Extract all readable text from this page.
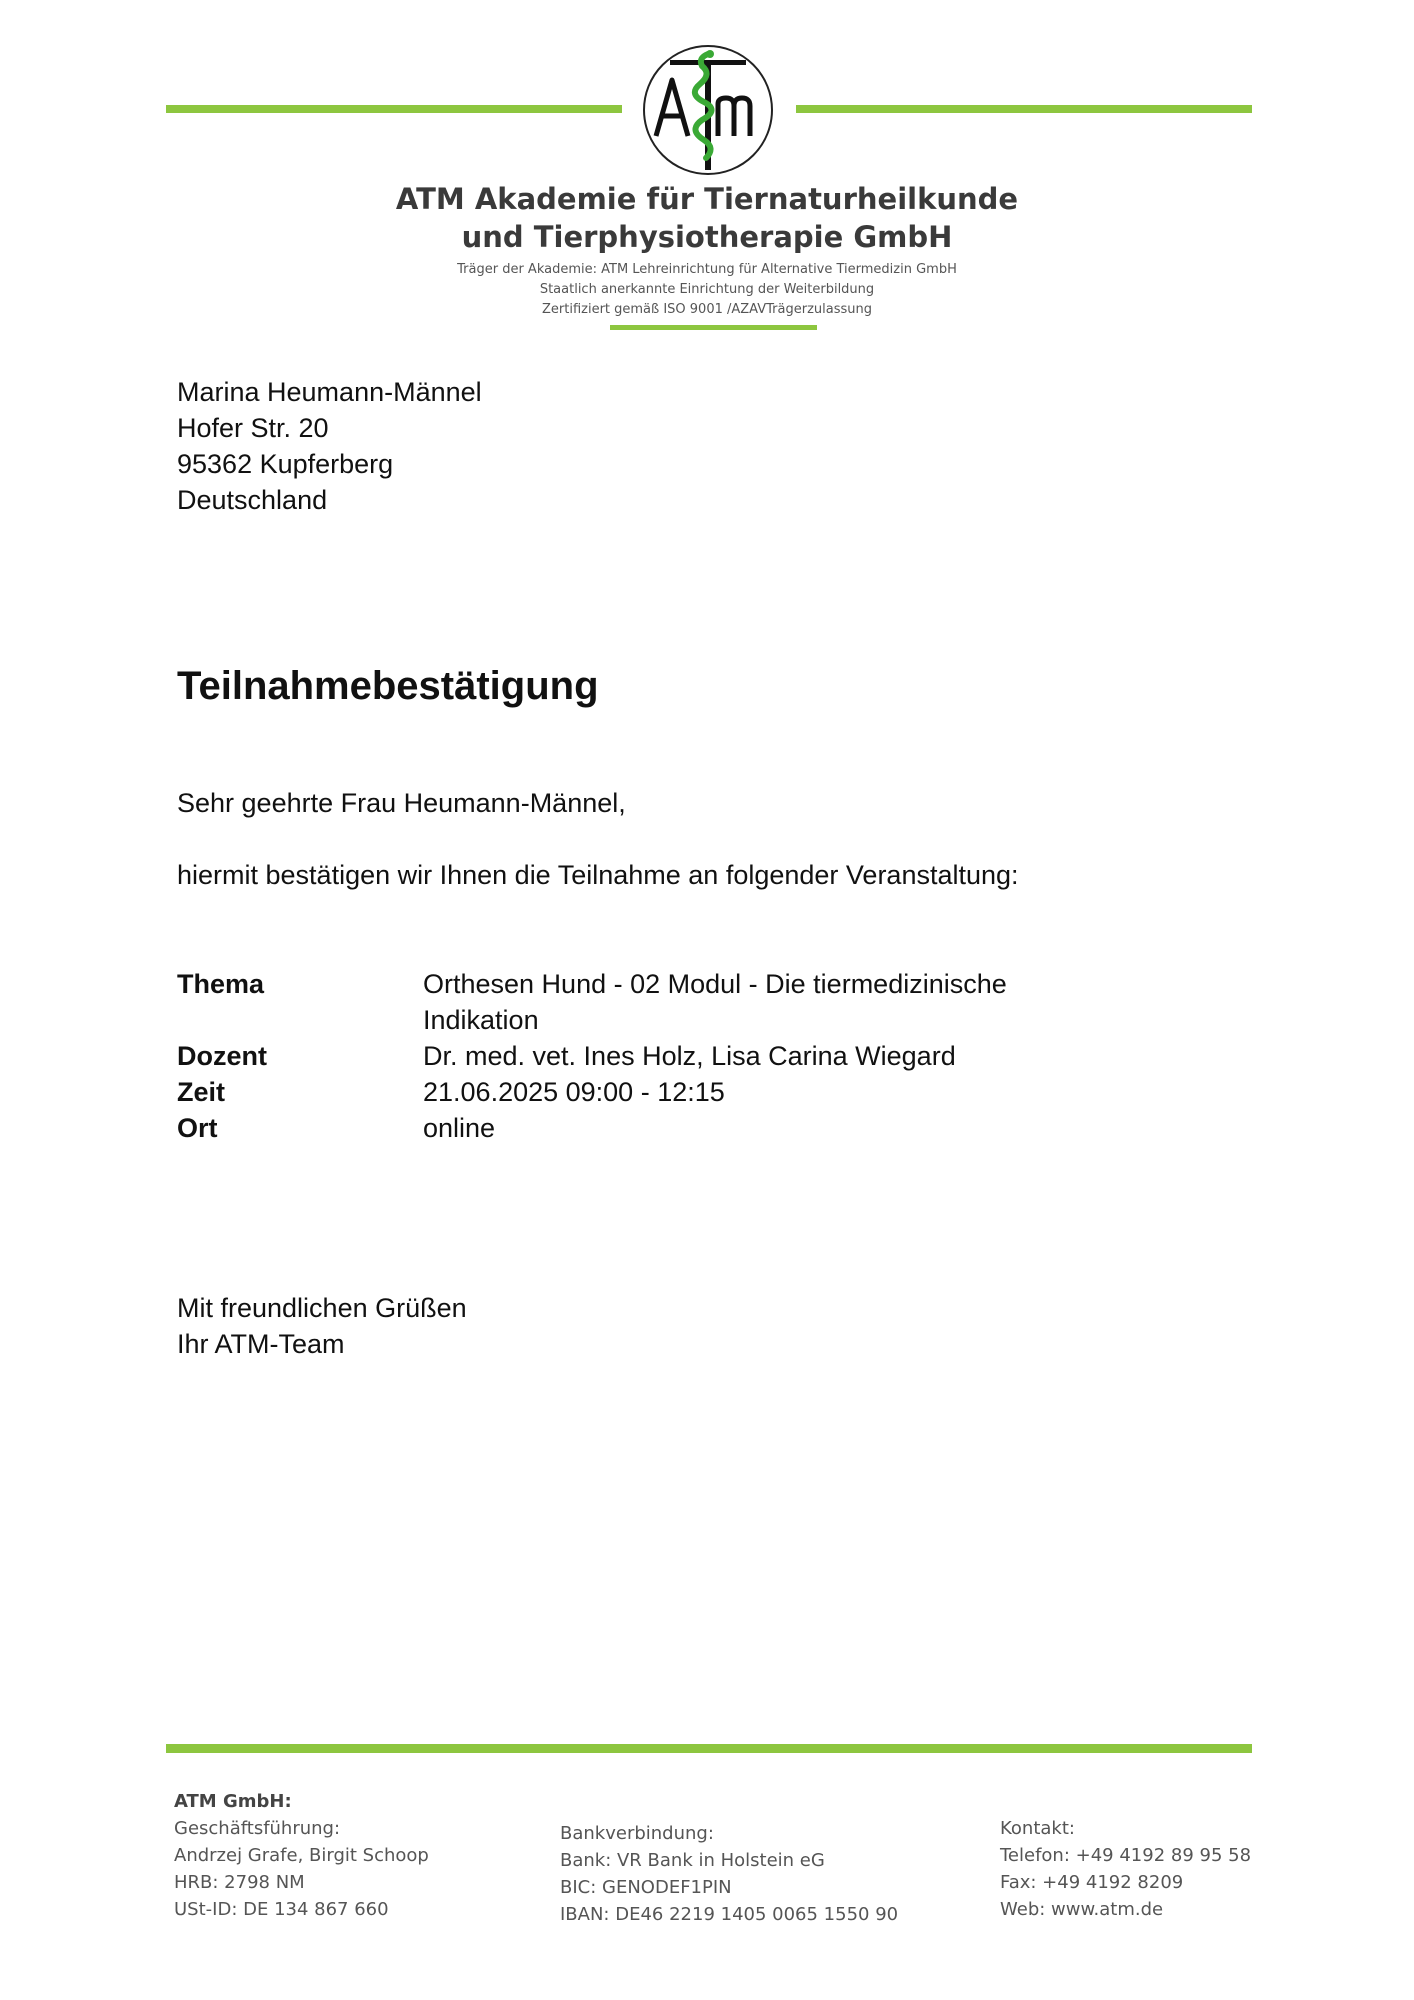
ATM Akademie für Tiernaturheilkunde
und Tierphysiotherapie GmbH
Träger der Akademie: ATM Lehreinrichtung für Alternative Tiermedizin GmbH
Staatlich anerkannte Einrichtung der Weiterbildung
Zertifiziert gemäß ISO 9001 /AZAVTrägerzulassung
Marina Heumann-Männel
Hofer Str. 20
95362 Kupferberg
Deutschland
Teilnahmebestätigung
Sehr geehrte Frau Heumann-Männel,
hiermit bestätigen wir Ihnen die Teilnahme an folgender Veranstaltung:
Thema	Orthesen Hund - 02 Modul - Die tiermedizinische Indikation
Dozent	Dr. med. vet. Ines Holz, Lisa Carina Wiegard
Zeit	21.06.2025 09:00 - 12:15
Ort	online
Mit freundlichen Grüßen
Ihr ATM-Team
ATM GmbH:
Geschäftsführung:
Andrzej Grafe, Birgit Schoop
HRB: 2798 NM
USt-ID: DE 134 867 660
Bankverbindung:
Bank: VR Bank in Holstein eG
BIC: GENODEF1PIN
IBAN: DE46 2219 1405 0065 1550 90
Kontakt:
Telefon: +49 4192 89 95 58
Fax: +49 4192 8209
Web: www.atm.de
